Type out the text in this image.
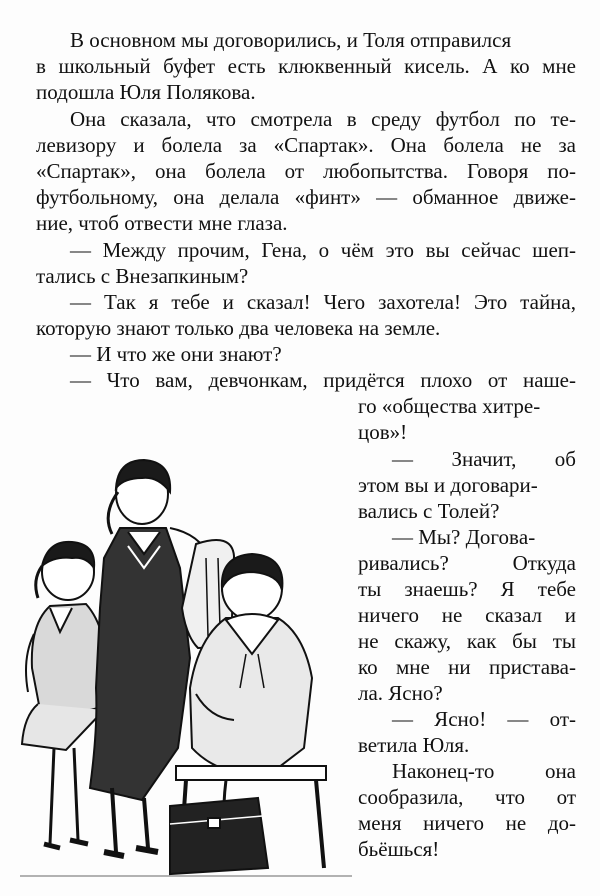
В основном мы договорились, и Толя отправился
в школьный буфет есть клюквенный кисель. А ко мне
подошла Юля Полякова.
Она сказала, что смотрела в среду футбол по те-
левизору и болела за «Спартак». Она болела не за
«Спартак», она болела от любопытства. Говоря по-
футбольному, она делала «финт» — обманное движе-
ние, чтоб отвести мне глаза.
— Между прочим, Гена, о чём это вы сейчас шеп-
тались с Внезапкиным?
— Так я тебе и сказал! Чего захотела! Это тайна,
которую знают только два человека на земле.
— И что же они знают?
— Что вам, девчонкам, придётся плохо от наше-
го «общества хитре-
цов»!
— Значит, об
этом вы и договари-
вались с Толей?
— Мы? Договa-
ривались? Откуда
ты знаешь? Я тебе
ничего не сказал и
не скажу, как бы ты
ко мне ни пристава-
ла. Ясно?
— Ясно! — от-
ветила Юля.
Наконец-то она
сообразила, что от
меня ничего не до-
бьёшься!
